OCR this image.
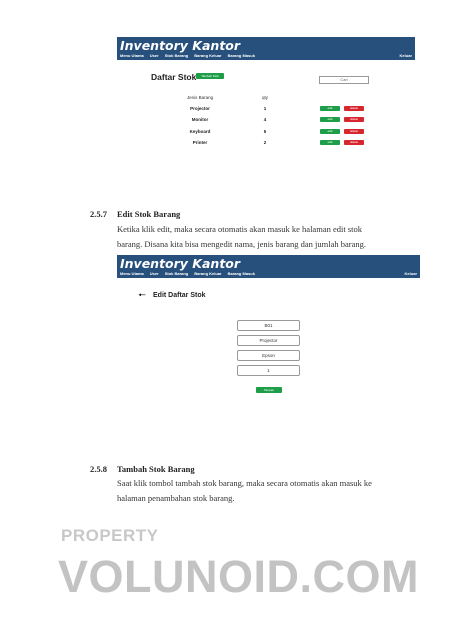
Inventory Kantor
Menu Utama User Stok Barang Barang Keluar Barang Masuk	Keluar
Daftar Stok	Tambah Stok
Cari
Jenis Barang	qty
Projector	1	edit	delete
Monitor	4	edit	delete
Keyboard	5	edit	delete
Printer	2	edit	delete
2.5.7 Edit Stok Barang
Ketika klik edit, maka secara otomatis akan masuk ke halaman edit stok
barang. Disana kita bisa mengedit nama, jenis barang dan jumlah barang.
Inventory Kantor
Menu Utama User Stok Barang Barang Keluar Barang Masuk	Keluar
🠔 Edit Daftar Stok
B01
Projector
Epson
1
Simpan
2.5.8 Tambah Stok Barang
Saat klik tombol tambah stok barang, maka secara otomatis akan masuk ke
halaman penambahan stok barang.
PROPERTY
VOLUNOID.COM
